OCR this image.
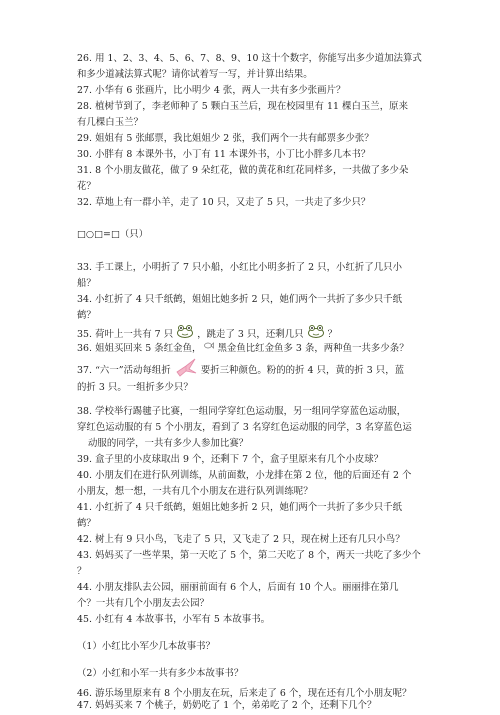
26. 用 1、2、3、4、5、6、7、8、9、10 这十个数字，你能写出多少道加法算式
和多少道减法算式呢？请你试着写一写，并计算出结果。
27. 小华有 6 张画片，比小明少 4 张，两人一共有多少张画片？
28. 植树节到了，李老师种了 5 颗白玉兰后，现在校园里有 11 棵白玉兰，原来
有几棵白玉兰？
29. 姐姐有 5 张邮票，我比姐姐少 2 张，我们两个一共有邮票多少张？
30. 小胖有 8 本课外书，小丁有 11 本课外书，小丁比小胖多几本书？
31. 8 个小朋友做花，做了 9 朵红花，做的黄花和红花同样多，一共做了多少朵
花？
32. 草地上有一群小羊，走了 10 只，又走了 5 只，一共走了多少只？
□○□=□（只）
33. 手工课上，小明折了 7 只小船，小红比小明多折了 2 只，小红折了几只小
船？
34. 小红折了 4 只千纸鹤，姐姐比她多折 2 只，她们两个一共折了多少只千纸
鹤？
35. 荷叶上一共有 7 只	，跳走了 3 只，还剩几只	？
36. 姐姐买回来 5 条红金鱼， 黑金鱼比红金鱼多 3 条，两种鱼一共多少条？
37. “六一”活动每组折	要折三种颜色。粉的的折 4 只，黄的折 3 只，蓝
的折 3 只。一组折多少只？
38. 学校举行踢毽子比赛，一组同学穿红色运动服，另一组同学穿蓝色运动服，
穿红色运动服的有 5 个小朋友，看到了 3 名穿红色运动服的同学，3 名穿蓝色运
动服的同学，一共有多少人参加比赛？
39. 盒子里的小皮球取出 9 个，还剩下 7 个，盒子里原来有几个小皮球？
40. 小朋友们在进行队列训练，从前面数，小龙排在第 2 位，他的后面还有 2 个
小朋友，想一想，一共有几个小朋友在进行队列训练呢？
41. 小红折了 4 只千纸鹤，姐姐比她多折 2 只，她们两个一共折了多少只千纸
鹤？
42. 树上有 9 只小鸟，飞走了 5 只，又飞走了 2 只，现在树上还有几只小鸟？
43. 妈妈买了一些苹果，第一天吃了 5 个，第二天吃了 8 个，两天一共吃了多少个
？
44. 小朋友排队去公园，丽丽前面有 6 个人，后面有 10 个人。丽丽排在第几
个？一共有几个小朋友去公园？
45. 小红有 4 本故事书，小军有 5 本故事书。
（1）小红比小军少几本故事书？
（2）小红和小军一共有多少本故事书？
46. 游乐场里原来有 8 个小朋友在玩，后来走了 6 个，现在还有几个小朋友呢？
47. 妈妈买来 7 个桃子，奶奶吃了 1 个，弟弟吃了 2 个，还剩下几个？
